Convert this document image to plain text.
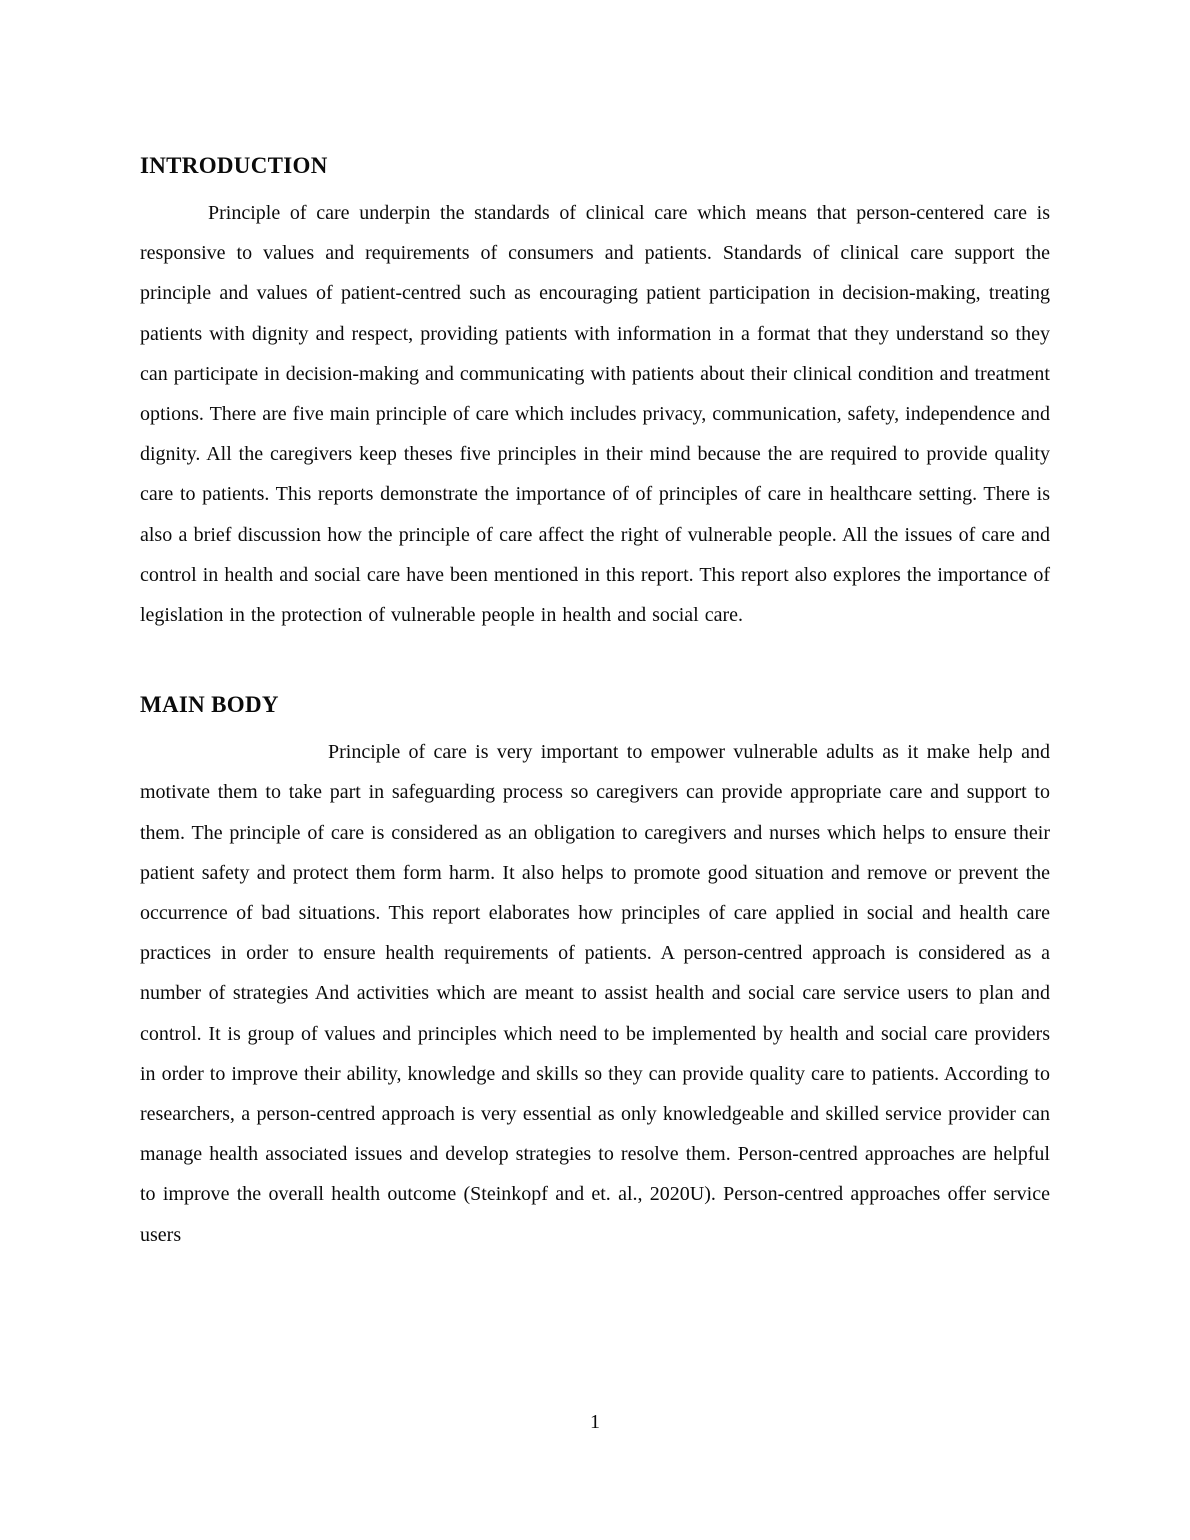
INTRODUCTION

Principle of care underpin the standards of clinical care which means that person-centered care is responsive to values and requirements of consumers and patients. Standards of clinical care support the principle and values of patient-centred such as encouraging patient participation in decision-making, treating patients with dignity and respect, providing patients with information in a format that they understand so they can participate in decision-making and communicating with patients about their clinical condition and treatment options. There are five main principle of care which includes privacy, communication, safety, independence and dignity. All the caregivers keep theses five principles in their mind because the are required to provide quality care to patients. This reports demonstrate the importance of of principles of care in healthcare setting. There is also a brief discussion how the principle of care affect the right of vulnerable people. All the issues of care and control in health and social care have been mentioned in this report. This report also explores the importance of legislation in the protection of vulnerable people in health and social care.

MAIN BODY

Principle of care is very important to empower vulnerable adults as it make help and motivate them to take part in safeguarding process so caregivers can provide appropriate care and support to them. The principle of care is considered as an obligation to caregivers and nurses which helps to ensure their patient safety and protect them form harm. It also helps to promote good situation and remove or prevent the occurrence of bad situations. This report elaborates how principles of care applied in social and health care practices in order to ensure health requirements of patients. A person-centred approach is considered as a number of strategies And activities which are meant to assist health and social care service users to plan and control. It is group of values and principles which need to be implemented by health and social care providers in order to improve their ability, knowledge and skills so they can provide quality care to patients. According to researchers, a person-centred approach is very essential as only knowledgeable and skilled service provider can manage health associated issues and develop strategies to resolve them. Person-centred approaches are helpful to improve the overall health outcome (Steinkopf and et. al., 2020U). Person-centred approaches offer service users

1
